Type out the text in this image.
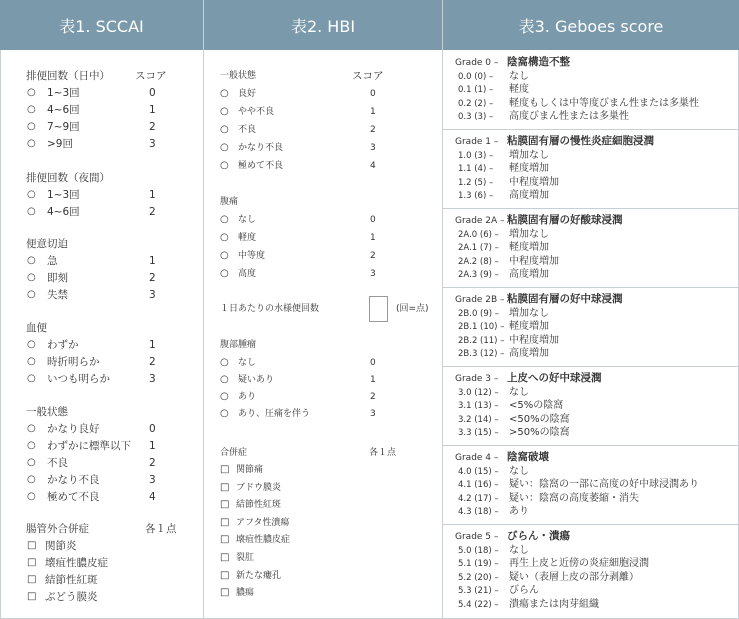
表1. SCCAI	表2. HBI	表3. Geboes score
スコア
排便回数（日中）
○ 1~3回	0
○ 4~6回	1
○ 7~9回	2
○ >9回	3
排便回数（夜間）
○ 1~3回	1
○ 4~6回	2
便意切迫
○ 急	1
○ 即刻	2
○ 失禁	3
血便
○ わずか	1
○ 時折明らか	2
○ いつも明らか	3
一般状態
○ かなり良好	0
○ わずかに標準以下 1
○ 不良	2
○ かなり不良	3
○ 極めて不良	4
腸管外合併症	各１点
□ 関節炎
□ 壊疽性膿皮症
□ 結節性紅斑
□ ぶどう膜炎
スコア
一般状態
○ 良好	0
○ やや不良	1
○ 不良	2
○ かなり不良	3
○ 極めて不良	4
腹痛
○ なし	0
○ 軽度	1
○ 中等度	2
○ 高度	3
１日あたりの水様便回数	(回=点)
腹部腫瘤
○ なし	0
○ 疑いあり	1
○ あり	2
○ あり、圧痛を伴う	3
合併症	各１点
□ 関節痛
□ ブドウ膜炎
□ 結節性紅斑
□ アフタ性潰瘍
□ 壊疽性膿皮症
□ 裂肛
□ 新たな瘻孔
□ 膿瘍
Grade 0 – 陰窩構造不整
0.0 (0) – なし
0.1 (1) – 軽度
0.2 (2) – 軽度もしくは中等度びまん性または多巣性
0.3 (3) – 高度びまん性または多巣性
Grade 1 – 粘膜固有層の慢性炎症細胞浸潤
1.0 (3) – 増加なし
1.1 (4) – 軽度増加
1.2 (5) – 中程度増加
1.3 (6) – 高度増加
Grade 2A – 粘膜固有層の好酸球浸潤
2A.0 (6) – 増加なし
2A.1 (7) – 軽度増加
2A.2 (8) – 中程度増加
2A.3 (9) – 高度増加
Grade 2B – 粘膜固有層の好中球浸潤
2B.0 (9) – 増加なし
2B.1 (10) – 軽度増加
2B.2 (11) – 中程度増加
2B.3 (12) – 高度増加
Grade 3 – 上皮への好中球浸潤
3.0 (12) – なし
3.1 (13) – <5%の陰窩
3.2 (14) – <50%の陰窩
3.3 (15) – >50%の陰窩
Grade 4 – 陰窩破壊
4.0 (15) – なし
4.1 (16) – 疑い：陰窩の一部に高度の好中球浸潤あり
4.2 (17) – 疑い：陰窩の高度萎縮・消失
4.3 (18) – あり
Grade 5 – びらん・潰瘍
5.0 (18) – なし
5.1 (19) – 再生上皮と近傍の炎症細胞浸潤
5.2 (20) – 疑い（表層上皮の部分剥離）
5.3 (21) – びらん
5.4 (22) – 潰瘍または肉芽組織
